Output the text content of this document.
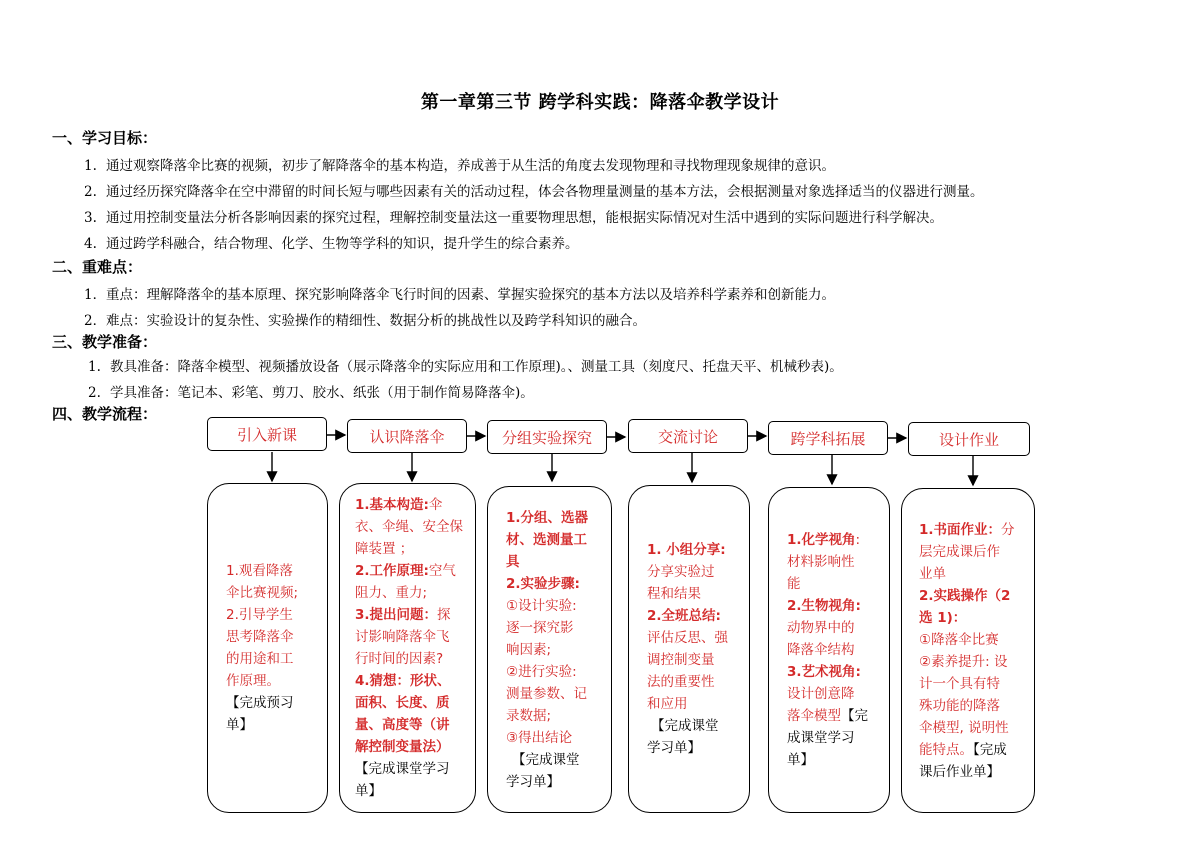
第一章第三节 跨学科实践：降落伞教学设计
一、学习目标：
1. 通过观察降落伞比赛的视频，初步了解降落伞的基本构造，养成善于从生活的角度去发现物理和寻找物理现象规律的意识。
2. 通过经历探究降落伞在空中滞留的时间长短与哪些因素有关的活动过程，体会各物理量测量的基本方法，会根据测量对象选择适当的仪器进行测量。
3. 通过用控制变量法分析各影响因素的探究过程，理解控制变量法这一重要物理思想，能根据实际情况对生活中遇到的实际问题进行科学解决。
4. 通过跨学科融合，结合物理、化学、生物等学科的知识，提升学生的综合素养。
二、重难点：
1．重点：理解降落伞的基本原理、探究影响降落伞飞行时间的因素、掌握实验探究的基本方法以及培养科学素养和创新能力。
2．难点：实验设计的复杂性、实验操作的精细性、数据分析的挑战性以及跨学科知识的融合。
三、教学准备：
1. 教具准备：降落伞模型、视频播放设备（展示降落伞的实际应用和工作原理)。、测量工具（刻度尺、托盘天平、机械秒表)。
2. 学具准备：笔记本、彩笔、剪刀、胶水、纸张（用于制作简易降落伞)。
四、教学流程：
引入新课	认识降落伞	分组实验探究	交流讨论	跨学科拓展	设计作业

1.观看降落

伞比赛视频;

2.引导学生

思考降落伞

的用途和工

作原理。

【完成预习

单】

1.基本构造:伞

衣、伞绳、安全保

障装置 ；

2.工作原理:空气

阻力、重力;

3.提出问题：探

讨影响降落伞飞

行时间的因素?

4.猜想：形状、

面积、长度、质

量、高度等（讲

解控制变量法）

【完成课堂学习

单】

1.分组、选器

材、选测量工

具

2.实验步骤:

①设计实验:

逐一探究影

响因素;

②进行实验:

测量参数、记

录数据;

③得出结论

【完成课堂

学习单】

1. 小组分享:

分享实验过

程和结果

2.全班总结:

评估反思、强

调控制变量

法的重要性

和应用

【完成课堂

学习单】

1.化学视角:

材料影响性

能

2.生物视角:

动物界中的

降落伞结构

3.艺术视角:

设计创意降

落伞模型【完

成课堂学习

单】

1.书面作业：分

层完成课后作

业单

2.实践操作（2

选 1)：

①降落伞比赛

②素养提升: 设

计一个具有特

殊功能的降落

伞模型, 说明性

能特点。【完成

课后作业单】
